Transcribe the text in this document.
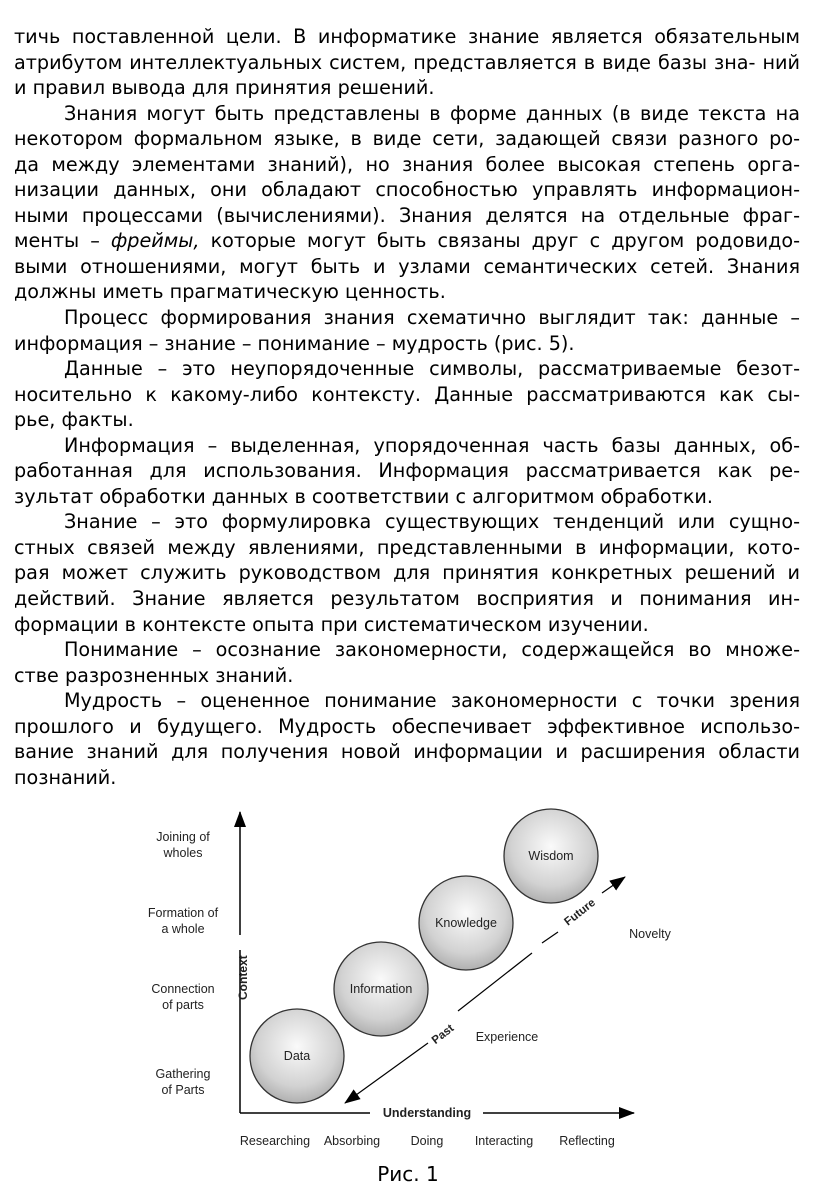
тичь поставленной цели. В информатике знание является обязательным
атрибутом интеллектуальных систем, представляется в виде базы зна- ний
и правил вывода для принятия решений.
Знания могут быть представлены в форме данных (в виде текста на
некотором формальном языке, в виде сети, задающей связи разного ро-
да между элементами знаний), но знания более высокая степень орга-
низации данных, они обладают способностью управлять информацион-
ными процессами (вычислениями). Знания делятся на отдельные фраг-
менты – фреймы, которые могут быть связаны друг с другом родовидо-
выми отношениями, могут быть и узлами семантических сетей. Знания
должны иметь прагматическую ценность.
Процесс формирования знания схематично выглядит так: данные –
информация – знание – понимание – мудрость (рис. 5).
Данные – это неупорядоченные символы, рассматриваемые безот-
носительно к какому-либо контексту. Данные рассматриваются как сы-
рье, факты.
Информация – выделенная, упорядоченная часть базы данных, об-
работанная для использования. Информация рассматривается как ре-
зультат обработки данных в соответствии с алгоритмом обработки.
Знание – это формулировка существующих тенденций или сущно-
стных связей между явлениями, представленными в информации, кото-
рая может служить руководством для принятия конкретных решений и
действий. Знание является результатом восприятия и понимания ин-
формации в контексте опыта при систематическом изучении.
Понимание – осознание закономерности, содержащейся во множе-
стве разрозненных знаний.
Мудрость – оцененное понимание закономерности с точки зрения
прошлого и будущего. Мудрость обеспечивает эффективное использо-
вание знаний для получения новой информации и расширения области
познаний.
Context
Understanding
Past
Future
Experience
Novelty
Data
Information
Knowledge
Wisdom
Gathering
of Parts
Connection
of parts
Formation of
a whole
Joining of
wholes
Researching Absorbing Doing	Interacting Reflecting
Рис. 1
